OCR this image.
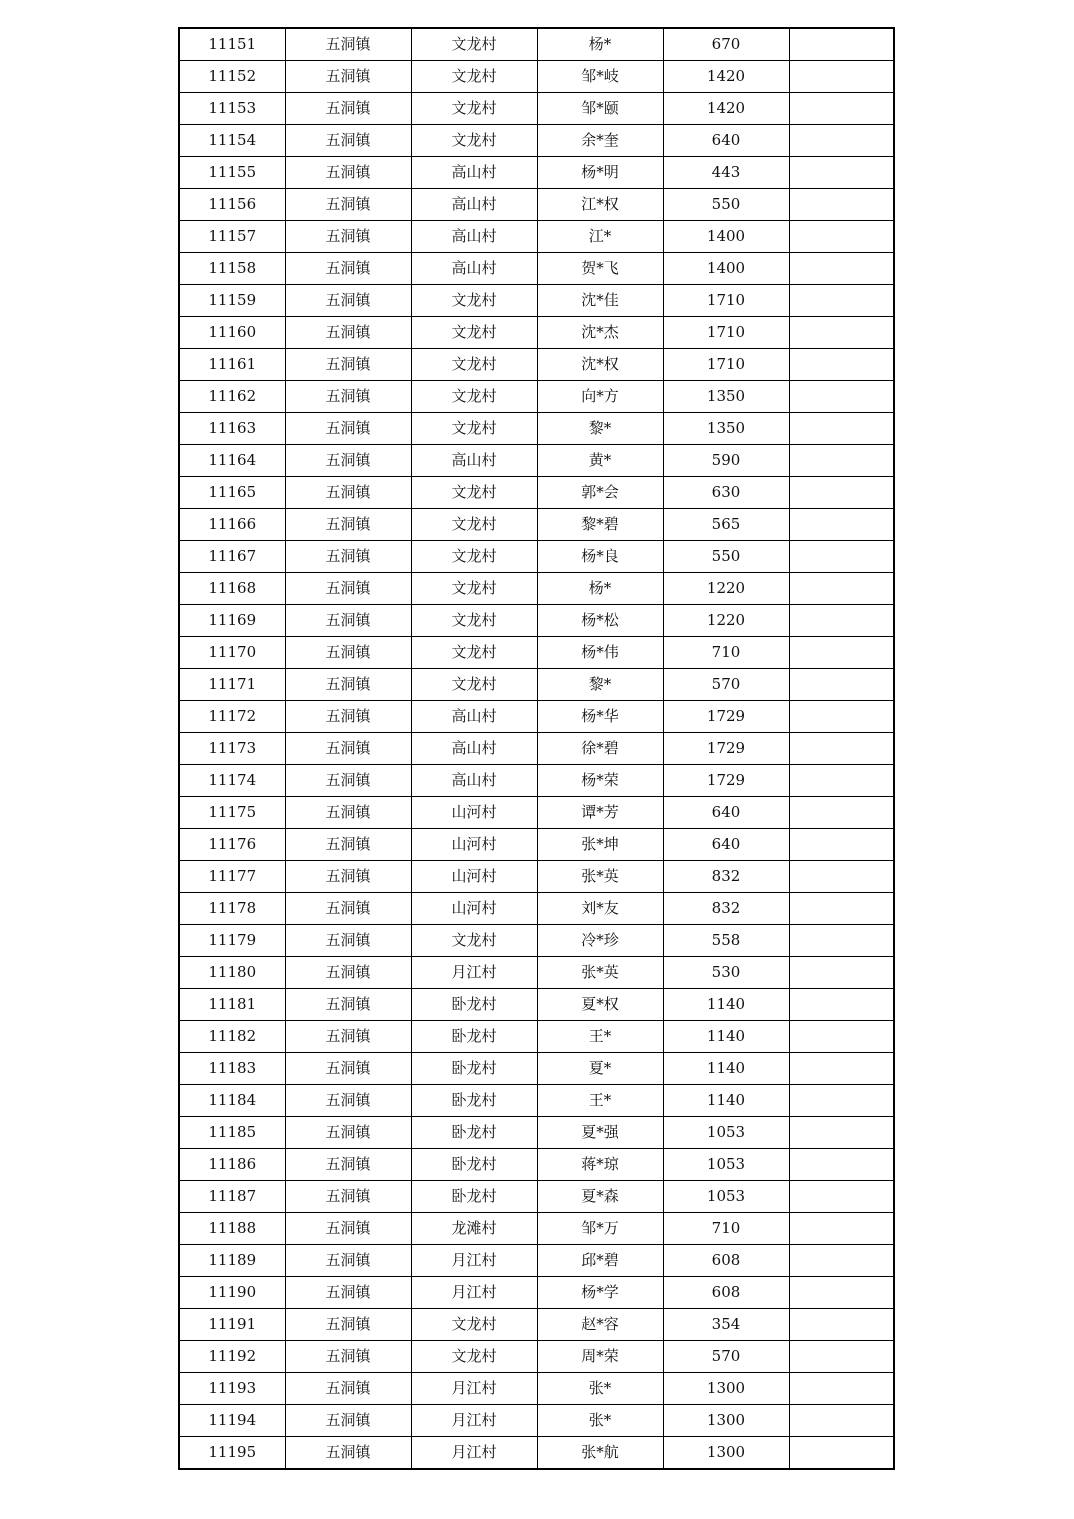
11151	五洞镇	文龙村	杨*	670	
11152	五洞镇	文龙村	邹*岐	1420	
11153	五洞镇	文龙村	邹*颐	1420	
11154	五洞镇	文龙村	余*奎	640	
11155	五洞镇	高山村	杨*明	443	
11156	五洞镇	高山村	江*权	550	
11157	五洞镇	高山村	江*	1400	
11158	五洞镇	高山村	贺*飞	1400	
11159	五洞镇	文龙村	沈*佳	1710	
11160	五洞镇	文龙村	沈*杰	1710	
11161	五洞镇	文龙村	沈*权	1710	
11162	五洞镇	文龙村	向*方	1350	
11163	五洞镇	文龙村	黎*	1350	
11164	五洞镇	高山村	黄*	590	
11165	五洞镇	文龙村	郭*会	630	
11166	五洞镇	文龙村	黎*碧	565	
11167	五洞镇	文龙村	杨*良	550	
11168	五洞镇	文龙村	杨*	1220	
11169	五洞镇	文龙村	杨*松	1220	
11170	五洞镇	文龙村	杨*伟	710	
11171	五洞镇	文龙村	黎*	570	
11172	五洞镇	高山村	杨*华	1729	
11173	五洞镇	高山村	徐*碧	1729	
11174	五洞镇	高山村	杨*荣	1729	
11175	五洞镇	山河村	谭*芳	640	
11176	五洞镇	山河村	张*坤	640	
11177	五洞镇	山河村	张*英	832	
11178	五洞镇	山河村	刘*友	832	
11179	五洞镇	文龙村	冷*珍	558	
11180	五洞镇	月江村	张*英	530	
11181	五洞镇	卧龙村	夏*权	1140	
11182	五洞镇	卧龙村	王*	1140	
11183	五洞镇	卧龙村	夏*	1140	
11184	五洞镇	卧龙村	王*	1140	
11185	五洞镇	卧龙村	夏*强	1053	
11186	五洞镇	卧龙村	蒋*琼	1053	
11187	五洞镇	卧龙村	夏*森	1053	
11188	五洞镇	龙滩村	邹*万	710	
11189	五洞镇	月江村	邱*碧	608	
11190	五洞镇	月江村	杨*学	608	
11191	五洞镇	文龙村	赵*容	354	
11192	五洞镇	文龙村	周*荣	570	
11193	五洞镇	月江村	张*	1300	
11194	五洞镇	月江村	张*	1300	
11195	五洞镇	月江村	张*航	1300	
